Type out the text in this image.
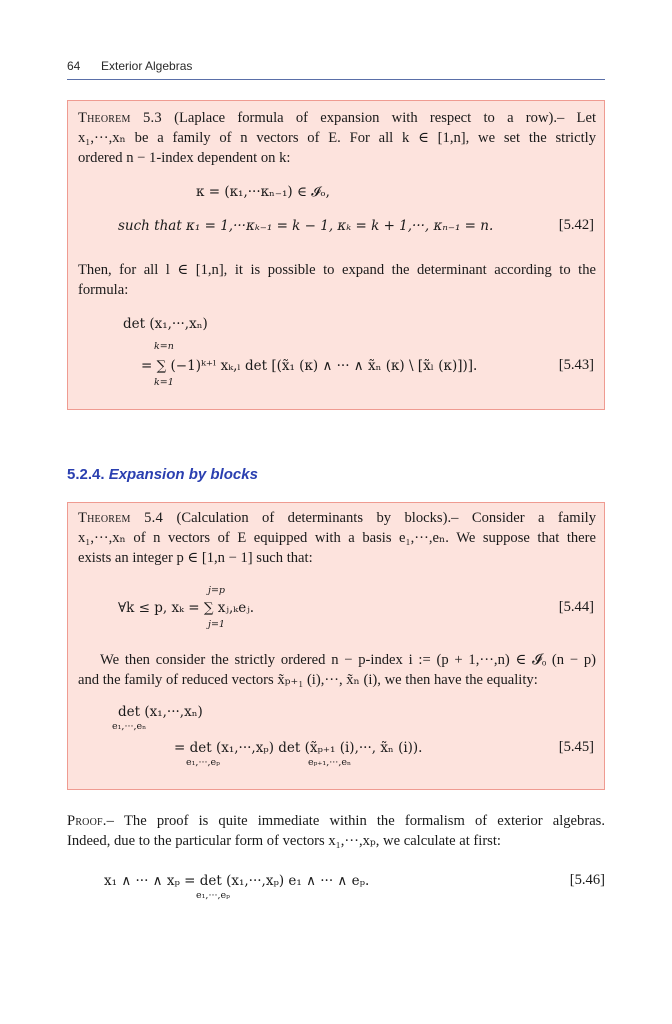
64 Exterior Algebras
Theorem 5.3 (Laplace formula of expansion with respect to a row).– Let
x₁,···,xₙ be a family of n vectors of E. For all k ∈ [1,n], we set the strictly
ordered n − 1-index dependent on k:
κ = (κ₁,···κₙ₋₁) ∈ 𝓘ₒ,
such that κ₁ = 1,···κₖ₋₁ = k − 1, κₖ = k + 1,···, κₙ₋₁ = n.	[5.42]
Then, for all l ∈ [1,n], it is possible to expand the determinant according to the
formula:
det (x₁,···,xₙ)
k=n
= ∑ (−1)ᵏ⁺ˡ xₖ,ₗ det [(x̃₁ (κ) ∧ ··· ∧ x̃ₙ (κ) \ [x̃ₗ (κ)])].
k=1
[5.43]
5.2.4. Expansion by blocks
Theorem 5.4 (Calculation of determinants by blocks).– Consider a family
x₁,···,xₙ of n vectors of E equipped with a basis e₁,···,eₙ. We suppose that there
exists an integer p ∈ [1,n − 1] such that:
j=p
∀k ≤ p, xₖ = ∑ xⱼ,ₖeⱼ.
j=1
[5.44]
We then consider the strictly ordered n − p-index i := (p + 1,···,n) ∈ 𝓘ₒ (n − p)
and the family of reduced vectors x̃ₚ₊₁ (i),···, x̃ₙ (i), we then have the equality:
det (x₁,···,xₙ)
e₁,···,eₙ
= det (x₁,···,xₚ) det (x̃ₚ₊₁ (i),···, x̃ₙ (i)).
e₁,···,eₚ	eₚ₊₁,···,eₙ
[5.45]
Proof.– The proof is quite immediate within the formalism of exterior algebras.
Indeed, due to the particular form of vectors x₁,···,xₚ, we calculate at first:
x₁ ∧ ··· ∧ xₚ = det (x₁,···,xₚ) e₁ ∧ ··· ∧ eₚ.
e₁,···,eₚ
[5.46]
